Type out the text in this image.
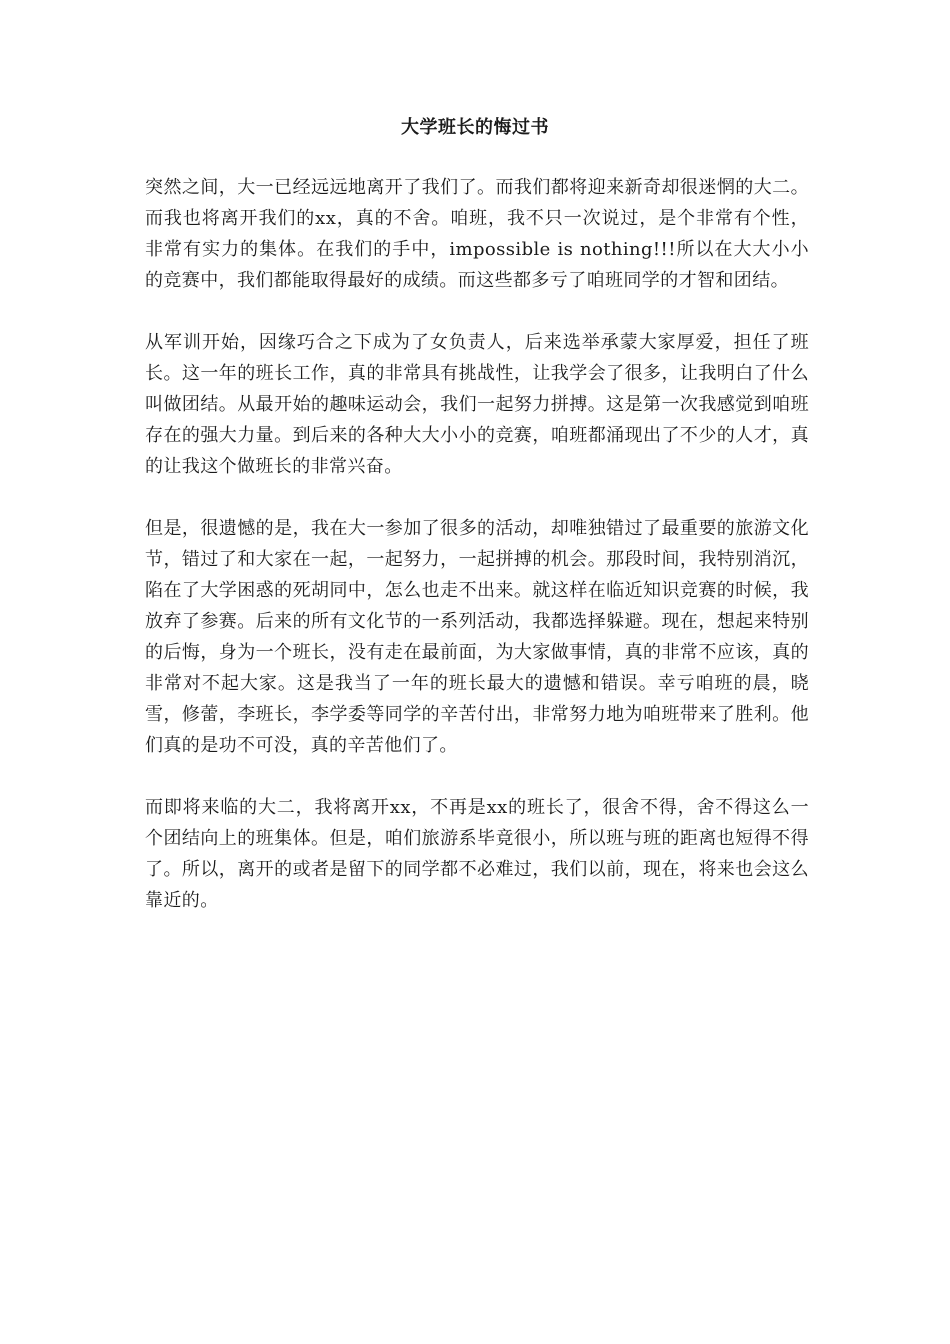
大学班长的悔过书

突然之间，大一已经远远地离开了我们了。而我们都将迎来新奇却很迷惘的大二。而我也将离开我们的xx，真的不舍。咱班，我不只一次说过，是个非常有个性，非常有实力的集体。在我们的手中，impossible is nothing!!!所以在大大小小的竞赛中，我们都能取得最好的成绩。而这些都多亏了咱班同学的才智和团结。

从军训开始，因缘巧合之下成为了女负责人，后来选举承蒙大家厚爱，担任了班长。这一年的班长工作，真的非常具有挑战性，让我学会了很多，让我明白了什么叫做团结。从最开始的趣味运动会，我们一起努力拼搏。这是第一次我感觉到咱班存在的强大力量。到后来的各种大大小小的竞赛，咱班都涌现出了不少的人才，真的让我这个做班长的非常兴奋。

但是，很遗憾的是，我在大一参加了很多的活动，却唯独错过了最重要的旅游文化节，错过了和大家在一起，一起努力，一起拼搏的机会。那段时间，我特别消沉，陷在了大学困惑的死胡同中，怎么也走不出来。就这样在临近知识竞赛的时候，我放弃了参赛。后来的所有文化节的一系列活动，我都选择躲避。现在，想起来特别的后悔，身为一个班长，没有走在最前面，为大家做事情，真的非常不应该，真的非常对不起大家。这是我当了一年的班长最大的遗憾和错误。幸亏咱班的晨，晓雪，修蕾，李班长，李学委等同学的辛苦付出，非常努力地为咱班带来了胜利。他们真的是功不可没，真的辛苦他们了。

而即将来临的大二，我将离开xx，不再是xx的班长了，很舍不得，舍不得这么一个团结向上的班集体。但是，咱们旅游系毕竟很小，所以班与班的距离也短得不得了。所以，离开的或者是留下的同学都不必难过，我们以前，现在，将来也会这么靠近的。
